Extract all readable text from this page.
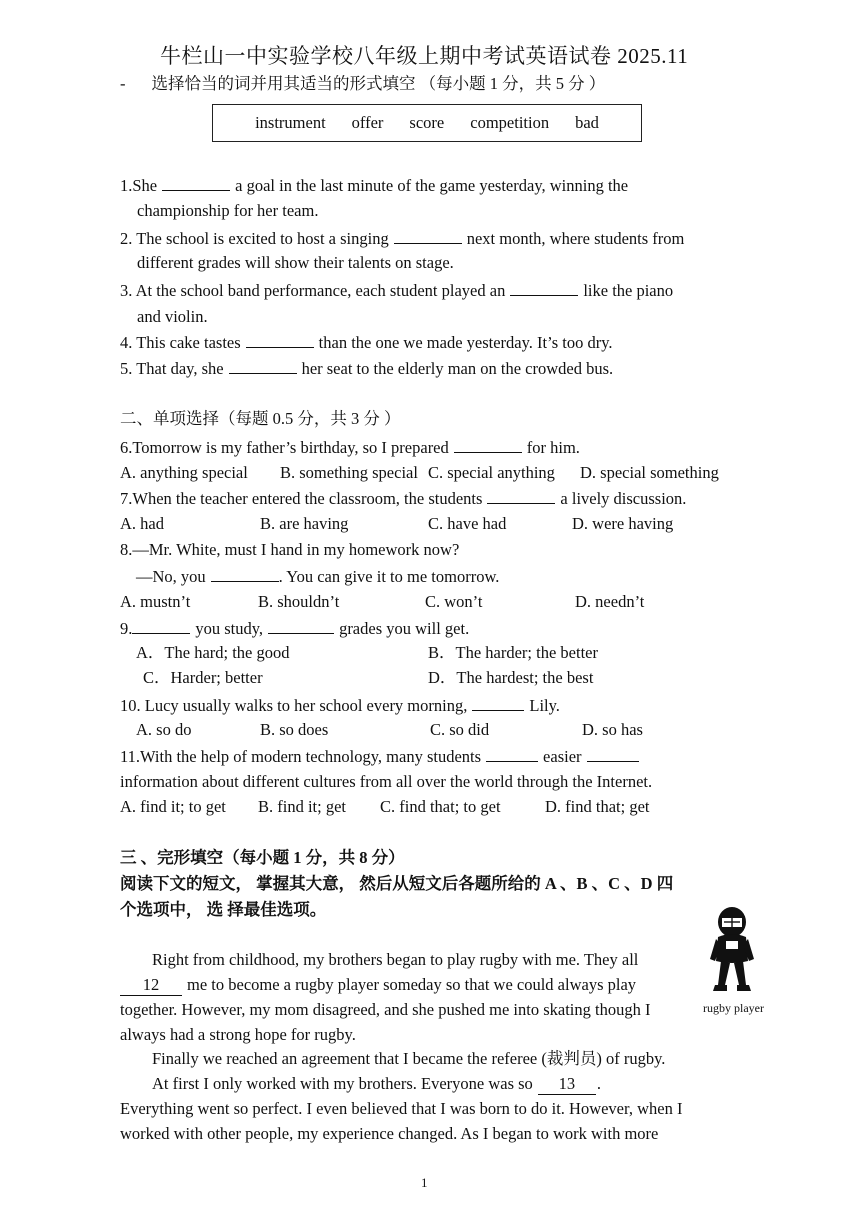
牛栏山一中实验学校八年级上期中考试英语试卷 2025.11
- 选择恰当的词并用其适当的形式填空 （每小题 1 分，共 5 分 ）
instrument offer score competition bad
1.She	a goal in the last minute of the game yesterday, winning the
championship for her team.
2. The school is excited to host a singing	next month, where students from
different grades will show their talents on stage.
3. At the school band performance, each student played an	like the piano
and violin.
4. This cake tastes	than the one we made yesterday. It’s too dry.
5. That day, she	her seat to the elderly man on the crowded bus.
二、单项选择（每题 0.5 分，共 3 分 ）
6.Tomorrow is my father’s birthday, so I prepared	for him.
A. anything special B. something special C. special anything D. special something
7.When the teacher entered the classroom, the students	a lively discussion.
A. had	B. are having	C. have had	D. were having
8.—Mr. White, must I hand in my homework now?
—No, you	. You can give it to me tomorrow.
A. mustn’t	B. shouldn’t	C. won’t	D. needn’t
9.	you study,	grades you will get.
A．The hard; the good	B．The harder; the better
C．Harder; better	D．The hardest; the best
10. Lucy usually walks to her school every morning,	Lily.
A. so do	B. so does	C. so did	D. so has
11.With the help of modern technology, many students	easier
information about different cultures from all over the world through the Internet.
A. find it; to get B. find it; get C. find that; to get	D. find that; get
三 、完形填空（每小题 1 分，共 8 分）
阅读下文的短文， 掌握其大意， 然后从短文后各题所给的 A 、B 、C 、D 四
个选项中， 选 择最佳选项。
rugby player
Right from childhood, my brothers began to play rugby with me. They all
12 me to become a rugby player someday so that we could always play
together. However, my mom disagreed, and she pushed me into skating though I
always had a strong hope for rugby.
Finally we reached an agreement that I became the referee (裁判员) of rugby.
At first I only worked with my brothers. Everyone was so 13 .
Everything went so perfect. I even believed that I was born to do it. However, when I
worked with other people, my experience changed. As I began to work with more
1
